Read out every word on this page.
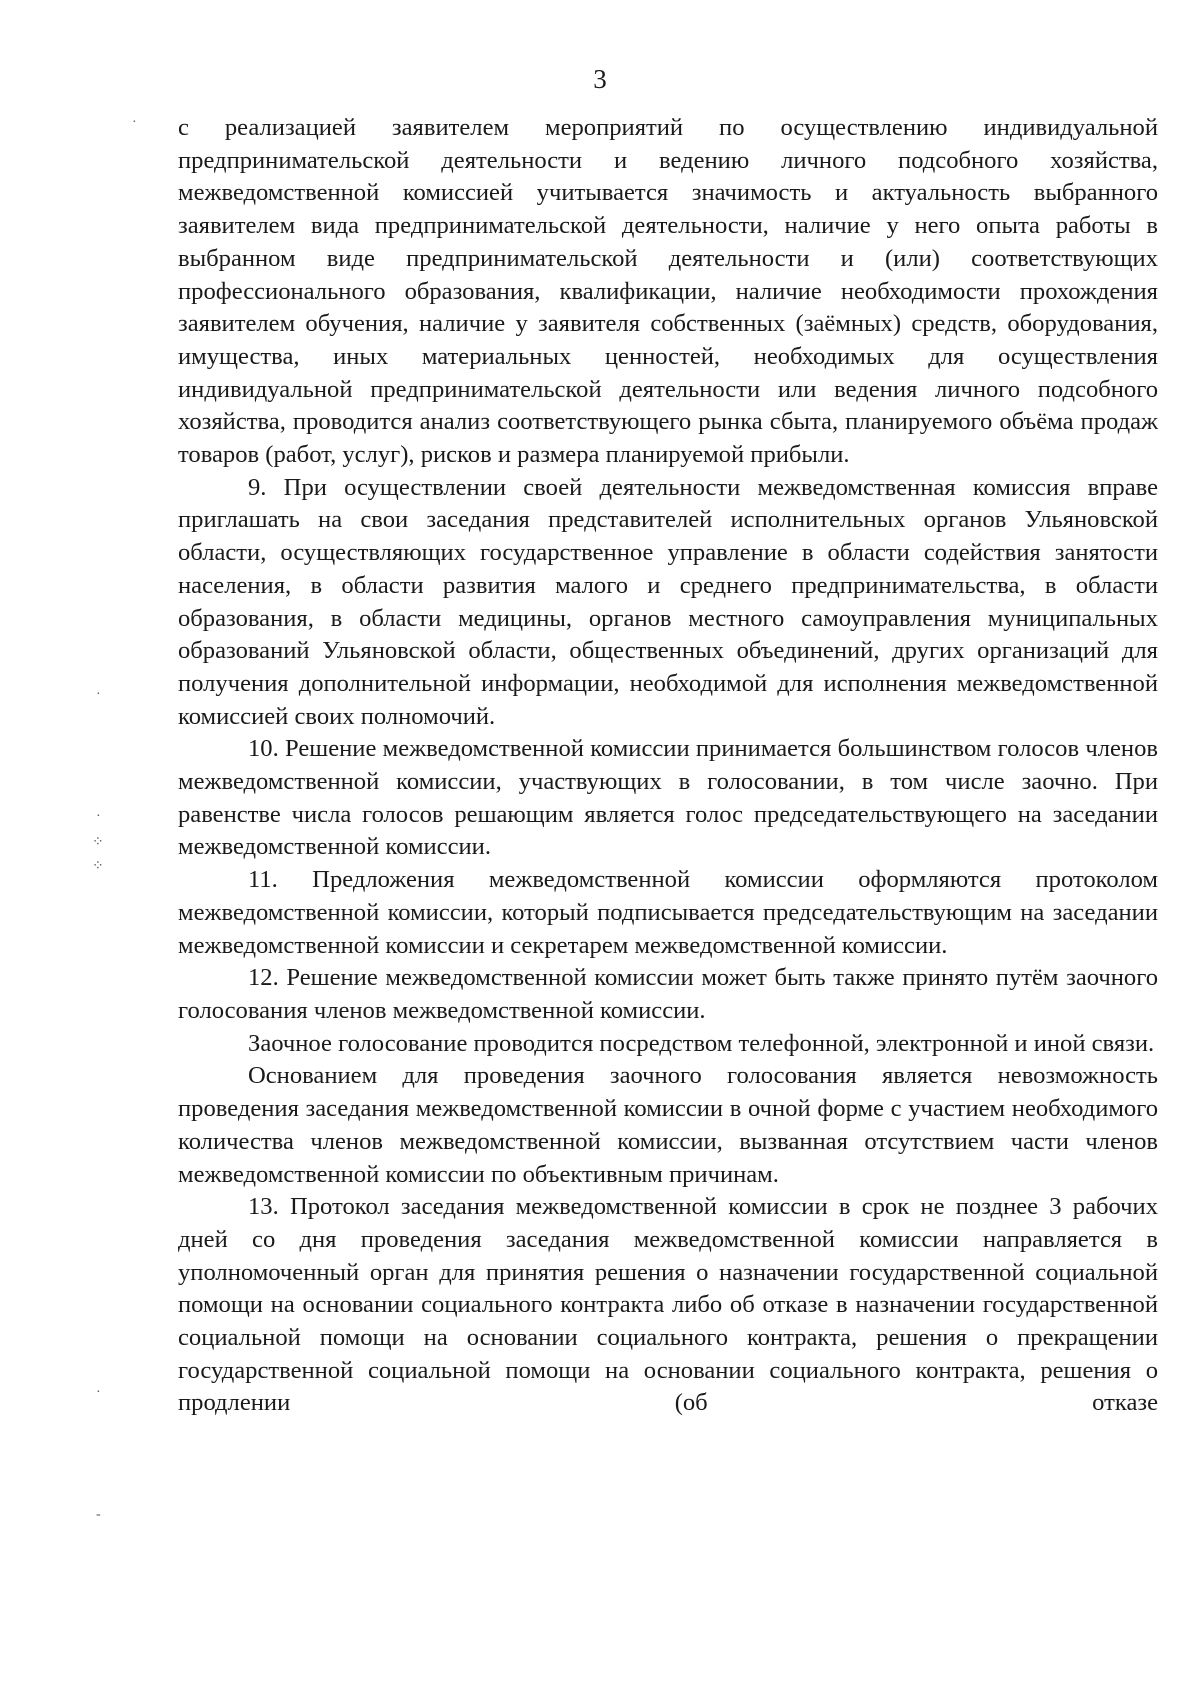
3
·
·
·
⁘
⁘
·
-

с реализацией заявителем мероприятий по осуществлению индивидуальной предпринимательской деятельности и ведению личного подсобного хозяйства, межведомственной комиссией учитывается значимость и актуальность выбранного заявителем вида предпринимательской деятельности, наличие у него опыта работы в выбранном виде предпринимательской деятельности и (или) соответствующих профессионального образования, квалификации, наличие необходимости прохождения заявителем обучения, наличие у заявителя собственных (заёмных) средств, оборудования, имущества, иных материальных ценностей, необходимых для осуществления индивидуальной предпринимательской деятельности или ведения личного подсобного хозяйства, проводится анализ соответствующего рынка сбыта, планируемого объёма продаж товаров (работ, услуг), рисков и размера планируемой прибыли.

9. При осуществлении своей деятельности межведомственная комиссия вправе приглашать на свои заседания представителей исполнительных органов Ульяновской области, осуществляющих государственное управление в области содействия занятости населения, в области развития малого и среднего предпринимательства, в области образования, в области медицины, органов местного самоуправления муниципальных образований Ульяновской области, общественных объединений, других организаций для получения дополнительной информации, необходимой для исполнения межведомственной комиссией своих полномочий.

10. Решение межведомственной комиссии принимается большинством голосов членов межведомственной комиссии, участвующих в голосовании, в том числе заочно. При равенстве числа голосов решающим является голос председательствующего на заседании межведомственной комиссии.

11. Предложения межведомственной комиссии оформляются протоколом межведомственной комиссии, который подписывается председательствующим на заседании межведомственной комиссии и секретарем межведомственной комиссии.

12. Решение межведомственной комиссии может быть также принято путём заочного голосования членов межведомственной комиссии.

Заочное голосование проводится посредством телефонной, электронной и иной связи.

Основанием для проведения заочного голосования является невозможность проведения заседания межведомственной комиссии в очной форме с участием необходимого количества членов межведомственной комиссии, вызванная отсутствием части членов межведомственной комиссии по объективным причинам.

13. Протокол заседания межведомственной комиссии в срок не позднее 3 рабочих дней со дня проведения заседания межведомственной комиссии направляется в уполномоченный орган для принятия решения о назначении государственной социальной помощи на основании социального контракта либо об отказе в назначении государственной социальной помощи на основании социального контракта, решения о прекращении государственной социальной помощи на основании социального контракта, решения о продлении (об отказе
